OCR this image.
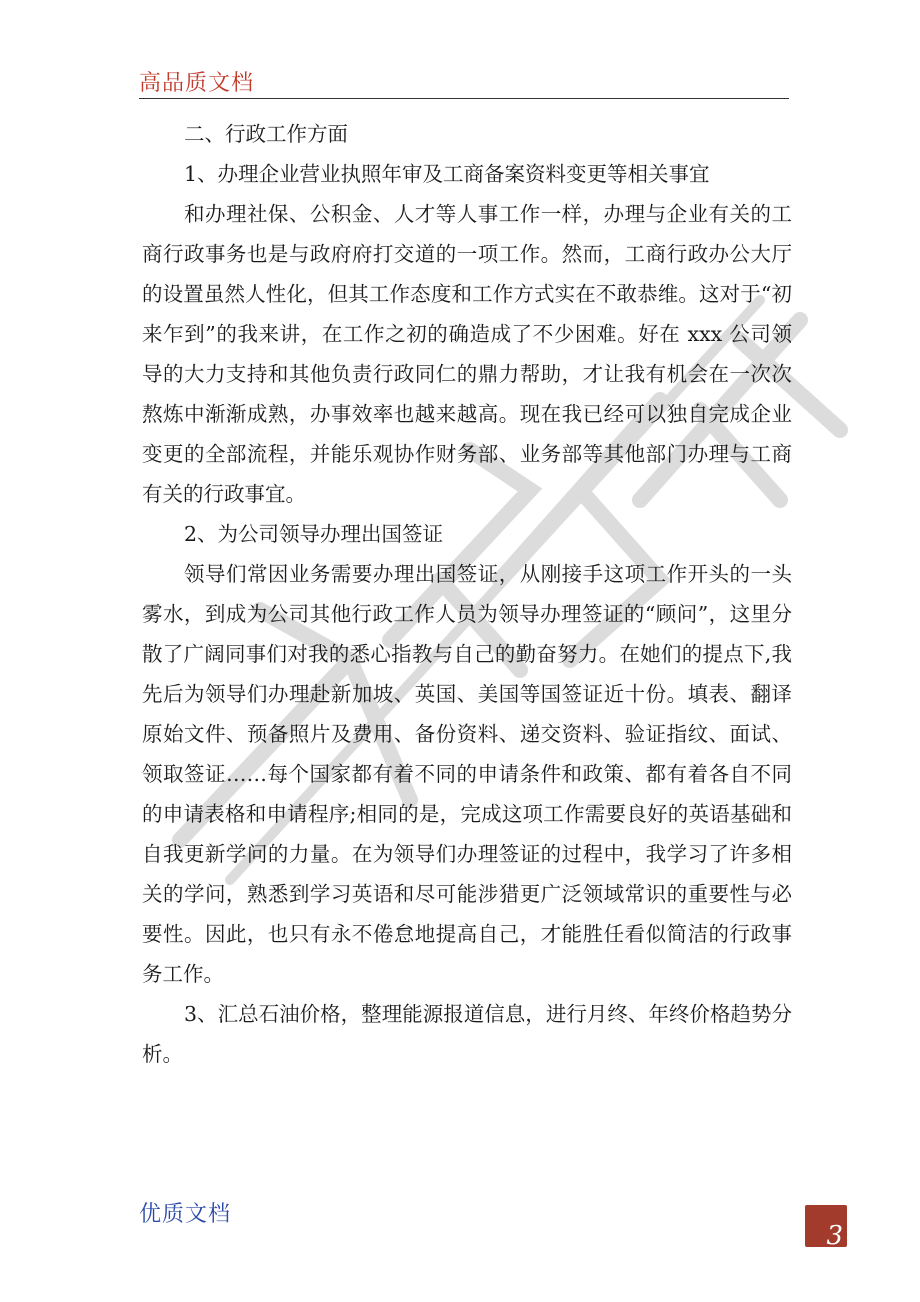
高品质文档

二、行政工作方面

1、办理企业营业执照年审及工商备案资料变更等相关事宜

和办理社保、公积金、人才等人事工作一样，办理与企业有关的工商行政事务也是与政府府打交道的一项工作。然而，工商行政办公大厅的设置虽然人性化，但其工作态度和工作方式实在不敢恭维。这对于“初来乍到”的我来讲，在工作之初的确造成了不少困难。好在 xxx 公司领导的大力支持和其他负责行政同仁的鼎力帮助，才让我有机会在一次次熬炼中渐渐成熟，办事效率也越来越高。现在我已经可以独自完成企业变更的全部流程，并能乐观协作财务部、业务部等其他部门办理与工商有关的行政事宜。

2、为公司领导办理出国签证

领导们常因业务需要办理出国签证，从刚接手这项工作开头的一头雾水，到成为公司其他行政工作人员为领导办理签证的“顾问”，这里分散了广阔同事们对我的悉心指教与自己的勤奋努力。在她们的提点下,我先后为领导们办理赴新加坡、英国、美国等国签证近十份。填表、翻译原始文件、预备照片及费用、备份资料、递交资料、验证指纹、面试、领取签证……每个国家都有着不同的申请条件和政策、都有着各自不同的申请表格和申请程序;相同的是，完成这项工作需要良好的英语基础和自我更新学问的力量。在为领导们办理签证的过程中，我学习了许多相关的学问，熟悉到学习英语和尽可能涉猎更广泛领域常识的重要性与必要性。因此，也只有永不倦怠地提高自己，才能胜任看似简洁的行政事务工作。

3、汇总石油价格，整理能源报道信息，进行月终、年终价格趋势分析。

优质文档
3
